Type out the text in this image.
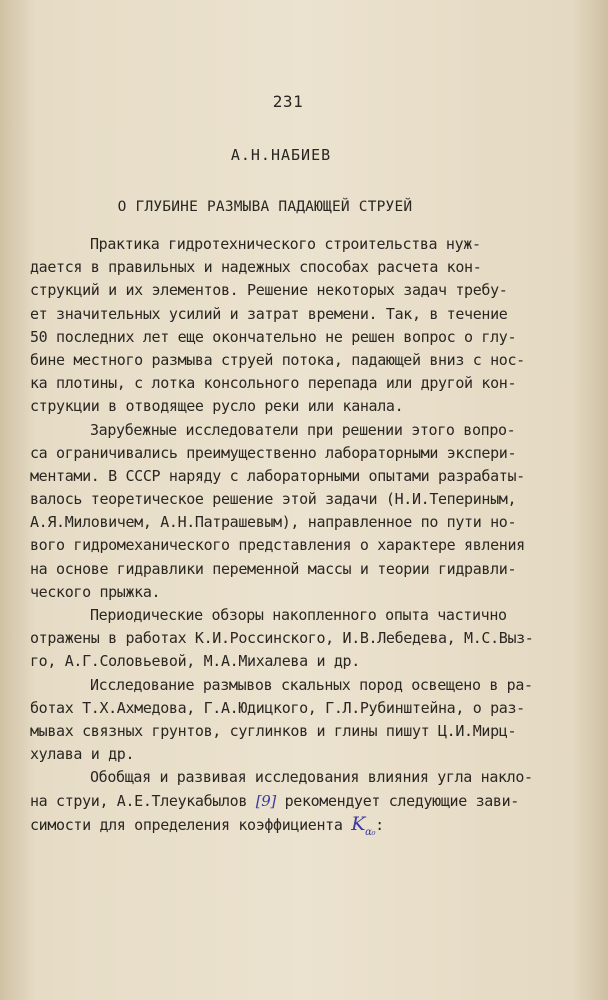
231
А.Н.НАБИЕВ
О ГЛУБИНЕ РАЗМЫВА ПАДАЮЩЕЙ СТРУЕЙ
Практика гидротехнического строительства нуж-
дается в правильных и надежных способах расчета кон-
струкций и их элементов. Решение некоторых задач требу-
ет значительных усилий и затрат времени. Так, в течение
50 последних лет еще окончательно не решен вопрос о глу-
бине местного размыва струей потока, падающей вниз с нос-
ка плотины, с лотка консольного перепада или другой кон-
струкции в отводящее русло реки или канала.
Зарубежные исследователи при решении этого вопро-
са ограничивались преимущественно лабораторными экспери-
ментами. В СССР наряду с лабораторными опытами разрабаты-
валось теоретическое решение этой задачи (Н.И.Тепериным,
А.Я.Миловичем, А.Н.Патрашевым), направленное по пути но-
вого гидромеханического представления о характере явления
на основе гидравлики переменной массы и теории гидравли-
ческого прыжка.
Периодические обзоры накопленного опыта частично
отражены в работах К.И.Россинского, И.В.Лебедева, М.С.Выз-
го, А.Г.Соловьевой, М.А.Михалева и др.
Исследование размывов скальных пород освещено в ра-
ботах Т.Х.Ахмедова, Г.А.Юдицкого, Г.Л.Рубинштейна, о раз-
мывах связных грунтов, суглинков и глины пишут Ц.И.Мирц-
хулава и др.
Обобщая и развивая исследования влияния угла накло-
на струи, А.Е.Тлеукабылов [9] рекомендует следующие зави-
симости для определения коэффициента $K_{\alpha_0}$:
